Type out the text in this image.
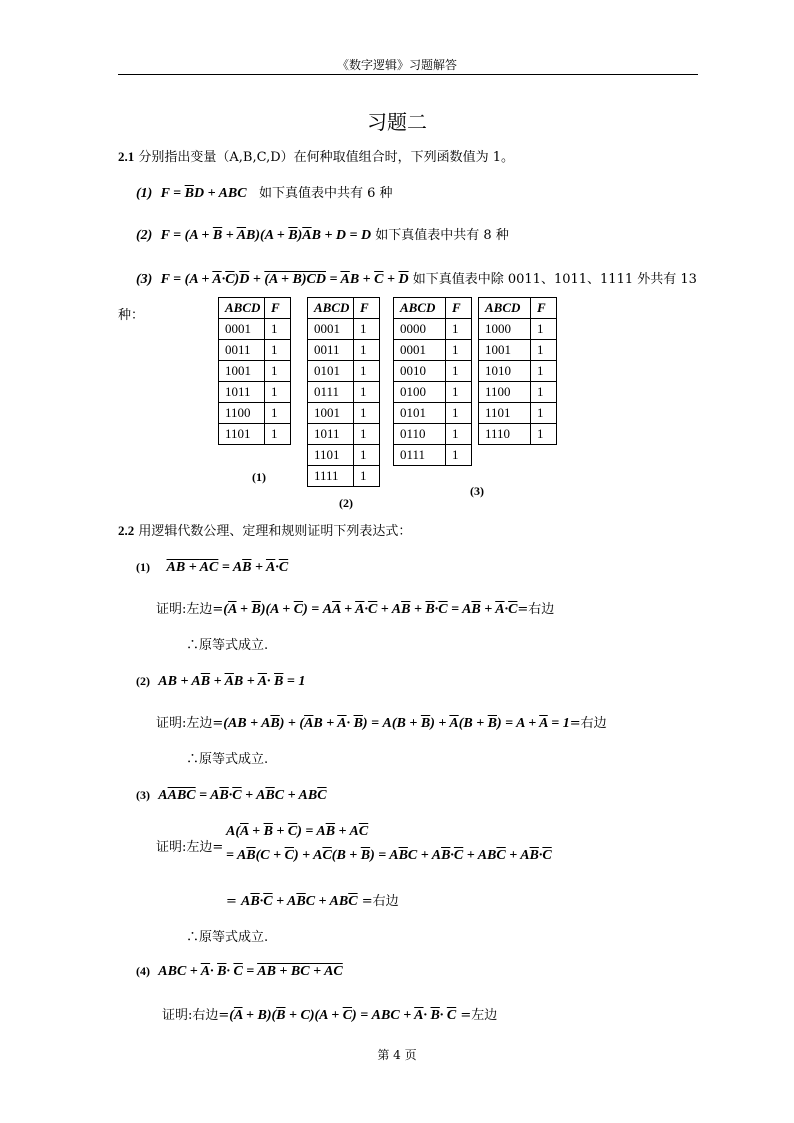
《数字逻辑》习题解答
习题二
2.1 分别指出变量（A,B,C,D）在何种取值组合时，下列函数值为 1。
(1) $F = \overline{B}D$ + ABC 如下真值表中共有 6 种
(2) $F = (A + \overline{B} + \overline{A}B)(A + \overline{B})\overline{A}B + D = D$ 如下真值表中共有 8 种
(3) $F = (A + \overline{A}\cdot\overline{C})\overline{D} + (A + B)CD = \overline{A}B + \overline{C} + \overline{D}$ 如下真值表中除 0011、1011、1111 外共有 13
种：
ABCD	F
0001	1
0011	1
1001	1
1011	1
1100	1
1101	1
(1)
ABCD	F
0001	1
0011	1
0101	1
0111	1
1001	1
1011	1
1101	1
1111	1
(2)
ABCD	F
0000	1
0001	1
0010	1
0100	1
0101	1
0110	1
0111	1
ABCD	F
1000	1
1001	1
1010	1
1100	1
1101	1
1110	1
(3)
2.2 用逻辑代数公理、定理和规则证明下列表达式：
(1) AB + AC = $A\overline{B} + \overline{A}\cdot\overline{C}$
证明:左边$=(\overline{A} + \overline{B})(A + \overline{C}) = A\overline{A} + \overline{A}\cdot\overline{C} + A\overline{B} + \overline{B}\cdot\overline{C} = A\overline{B} + \overline{A}\cdot\overline{C}=$右边
∴原等式成立.
(2) AB + $A\overline{B} + \overline{A}B + \overline{A}\cdot \overline{B} = 1$
证明:左边$=(AB + A\overline{B}) + (\overline{A}B + \overline{A}\cdot \overline{B}) = A(B + \overline{B}) + \overline{A}(B + \overline{B}) = A + \overline{A} = 1=$右边
∴原等式成立.
(3) $A\overline{ABC} = A\overline{B}\cdot\overline{C} + A\overline{B}C + AB\overline{C}$
证明:左边=
$A(\overline{A} + \overline{B} + \overline{C}) = A\overline{B} + A\overline{C}$
= $A\overline{B}(C + \overline{C}) + A\overline{C}(B + \overline{B}) = A\overline{B}C + A\overline{B}\cdot\overline{C} + AB\overline{C} + A\overline{B}\cdot\overline{C}$
= $A\overline{B}\cdot\overline{C} + A\overline{B}C + AB\overline{C}$ =右边
∴原等式成立.
(4) ABC + $\overline{A}\cdot \overline{B}\cdot \overline{C}$ = AB + BC + AC
证明:右边$=(\overline{A} + B)(\overline{B} + C)(A + \overline{C})$ = ABC + $\overline{A}\cdot \overline{B}\cdot \overline{C}$ =左边
第 4 页
